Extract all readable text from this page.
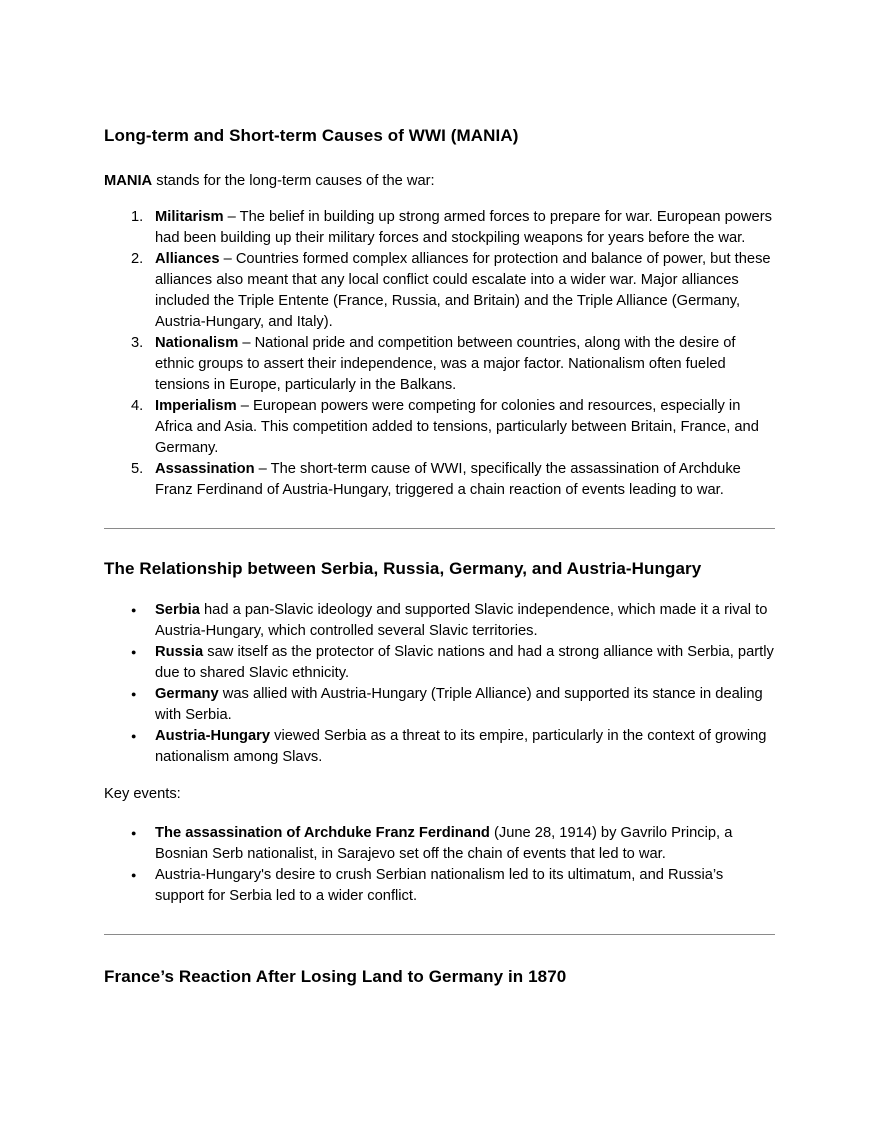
Long-term and Short-term Causes of WWI (MANIA)

MANIA stands for the long-term causes of the war:

1. Militarism – The belief in building up strong armed forces to prepare for war. European powers had been building up their military forces and stockpiling weapons for years before the war.
2. Alliances – Countries formed complex alliances for protection and balance of power, but these alliances also meant that any local conflict could escalate into a wider war. Major alliances included the Triple Entente (France, Russia, and Britain) and the Triple Alliance (Germany, Austria-Hungary, and Italy).
3. Nationalism – National pride and competition between countries, along with the desire of ethnic groups to assert their independence, was a major factor. Nationalism often fueled tensions in Europe, particularly in the Balkans.
4. Imperialism – European powers were competing for colonies and resources, especially in Africa and Asia. This competition added to tensions, particularly between Britain, France, and Germany.
5. Assassination – The short-term cause of WWI, specifically the assassination of Archduke Franz Ferdinand of Austria-Hungary, triggered a chain reaction of events leading to war.
The Relationship between Serbia, Russia, Germany, and Austria-Hungary
●	Serbia had a pan-Slavic ideology and supported Slavic independence, which made it a rival to Austria-Hungary, which controlled several Slavic territories.
●	Russia saw itself as the protector of Slavic nations and had a strong alliance with Serbia, partly due to shared Slavic ethnicity.
●	Germany was allied with Austria-Hungary (Triple Alliance) and supported its stance in dealing with Serbia.
●	Austria-Hungary viewed Serbia as a threat to its empire, particularly in the context of growing nationalism among Slavs.

Key events:

●	The assassination of Archduke Franz Ferdinand (June 28, 1914) by Gavrilo Princip, a Bosnian Serb nationalist, in Sarajevo set off the chain of events that led to war.
●	Austria-Hungary's desire to crush Serbian nationalism led to its ultimatum, and Russia’s support for Serbia led to a wider conflict.
France’s Reaction After Losing Land to Germany in 1870
